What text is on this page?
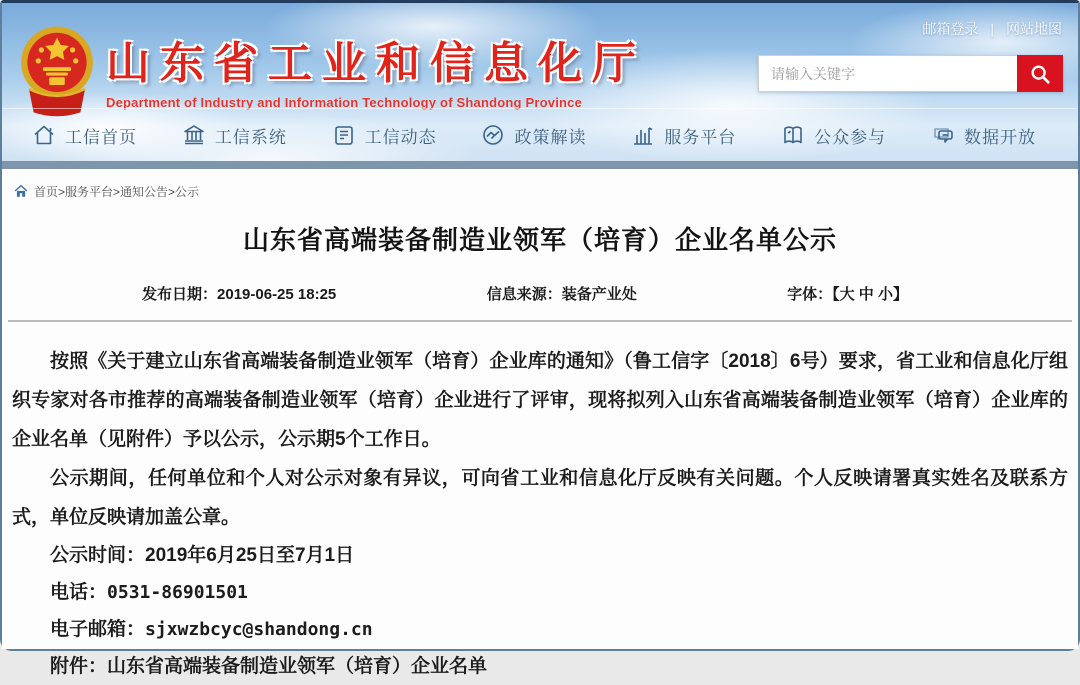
邮箱登录 | 网站地图
山东省工业和信息化厅
Department of Industry and Information Technology of Shandong Province
请输入关键字
工信首页	工信系统	工信动态	政策解读	服务平台	公众参与	数据开放
首页>服务平台>通知公告>公示
山东省高端装备制造业领军（培育）企业名单公示
发布日期：2019-06-25 18:25	信息来源：装备产业处	字体：【大 中 小】

按照《关于建立山东省高端装备制造业领军（培育）企业库的通知》（鲁工信字〔2018〕6号）要求，省工业和信息化厅组织专家对各市推荐的高端装备制造业领军（培育）企业进行了评审，现将拟列入山东省高端装备制造业领军（培育）企业库的企业名单（见附件）予以公示，公示期5个工作日。

公示期间，任何单位和个人对公示对象有异议，可向省工业和信息化厅反映有关问题。个人反映请署真实姓名及联系方式，单位反映请加盖公章。

公示时间：2019年6月25日至7月1日

电话：0531-86901501

电子邮箱：sjxwzbcyc@shandong.cn

附件：山东省高端装备制造业领军（培育）企业名单
